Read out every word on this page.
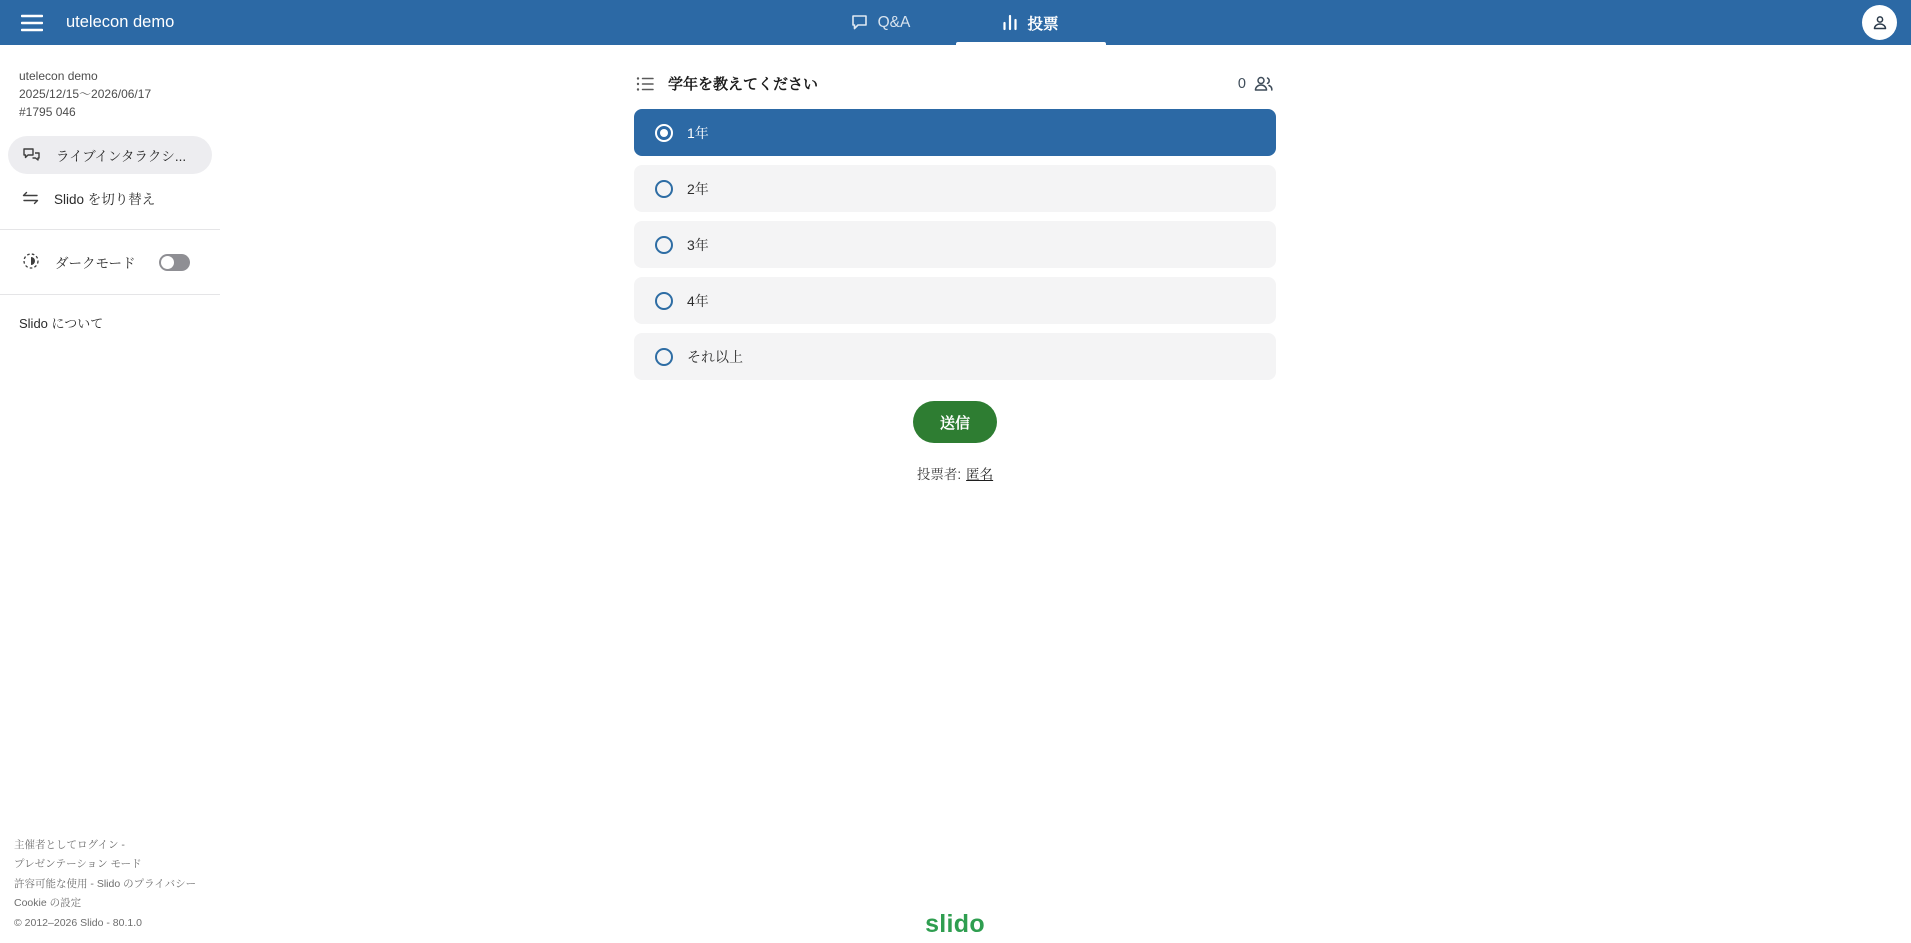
utelecon demo	Q&A	投票
utelecon demo
2025/12/15〜2026/06/17
#1795 046
ライブインタラクシ...
Slido を切り替え
ダークモード
Slido について
主催者としてログイン -
プレゼンテーション モード
許容可能な使用 - Slido のプライバシー
Cookie の設定
© 2012–2026 Slido - 80.1.0
学年を教えてください	0
1年
2年
3年
4年
それ以上
送信
投票者: 匿名
slido
